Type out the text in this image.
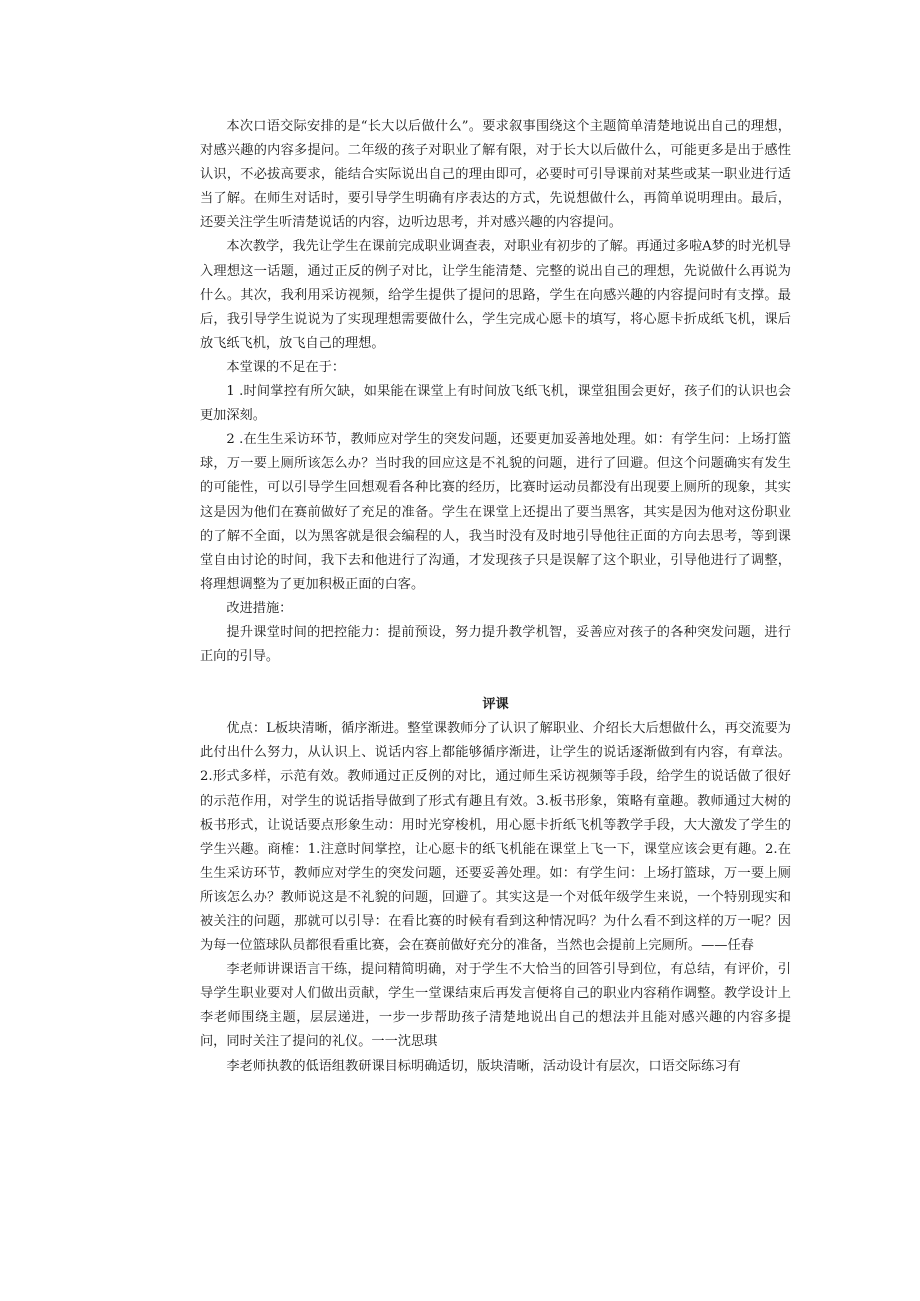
本次口语交际安排的是“长大以后做什么”。要求叙事围绕这个主题简单清楚地说出自己的理想，对感兴趣的内容多提问。二年级的孩子对职业了解有限，对于长大以后做什么，可能更多是出于感性认识，不必拔高要求，能结合实际说出自己的理由即可，必要时可引导课前对某些或某一职业进行适当了解。在师生对话时，要引导学生明确有序表达的方式，先说想做什么，再简单说明理由。最后，还要关注学生听清楚说话的内容，边听边思考，并对感兴趣的内容提问。

本次教学，我先让学生在课前完成职业调查表，对职业有初步的了解。再通过多啦A梦的时光机导入理想这一话题，通过正反的例子对比，让学生能清楚、完整的说出自己的理想，先说做什么再说为什么。其次，我利用采访视频，给学生提供了提问的思路，学生在向感兴趣的内容提问时有支撑。最后，我引导学生说说为了实现理想需要做什么，学生完成心愿卡的填写，将心愿卡折成纸飞机，课后放飞纸飞机，放飞自己的理想。

本堂课的不足在于：

1 .时间掌控有所欠缺，如果能在课堂上有时间放飞纸飞机，课堂狙围会更好，孩子们的认识也会更加深刻。

2 .在生生采访环节，教师应对学生的突发问题，还要更加妥善地处理。如：有学生问：上场打篮球，万一要上厕所该怎么办？当时我的回应这是不礼貌的问题，进行了回避。但这个问题确实有发生的可能性，可以引导学生回想观看各种比赛的经历，比赛时运动员都没有出现要上厕所的现象，其实这是因为他们在赛前做好了充足的准备。学生在课堂上还提出了要当黑客，其实是因为他对这份职业的了解不全面，以为黑客就是很会编程的人，我当时没有及时地引导他往正面的方向去思考，等到课堂自由讨论的时间，我下去和他进行了沟通，才发现孩子只是误解了这个职业，引导他进行了调整，将理想调整为了更加积极正面的白客。

改进措施：

提升课堂时间的把控能力：提前预设，努力提升教学机智，妥善应对孩子的各种突发问题，进行正向的引导。

评课

优点：L板块清晰，循序渐进。整堂课教师分了认识了解职业、介绍长大后想做什么，再交流要为此付出什么努力，从认识上、说话内容上都能够循序渐进，让学生的说话逐渐做到有内容，有章法。2.形式多样，示范有效。教师通过正反例的对比，通过师生采访视频等手段，给学生的说话做了很好的示范作用，对学生的说话指导做到了形式有趣且有效。3.板书形象，策略有童趣。教师通过大树的板书形式，让说话要点形象生动：用时光穿梭机，用心愿卡折纸飞机等教学手段，大大激发了学生的学生兴趣。商榷：1.注意时间掌控，让心愿卡的纸飞机能在课堂上飞一下，课堂应该会更有趣。2.在生生采访环节，教师应对学生的突发问题，还要妥善处理。如：有学生问：上场打篮球，万一要上厕所该怎么办？教师说这是不礼貌的问题，回避了。其实这是一个对低年级学生来说，一个特别现实和被关注的问题，那就可以引导：在看比赛的时候有看到这种情况吗？为什么看不到这样的万一呢？因为每一位篮球队员都很看重比赛，会在赛前做好充分的准备，当然也会提前上完厕所。——任春

李老师讲课语言干练，提问精简明确，对于学生不大恰当的回答引导到位，有总结，有评价，引导学生职业要对人们做出贡献，学生一堂课结束后再发言便将自己的职业内容稍作调整。教学设计上李老师围绕主题，层层递进，一步一步帮助孩子清楚地说出自己的想法并且能对感兴趣的内容多提问，同时关注了提问的礼仪。一一沈思琪

李老师执教的低语组教研课目标明确适切，版块清晰，活动设计有层次，口语交际练习有
